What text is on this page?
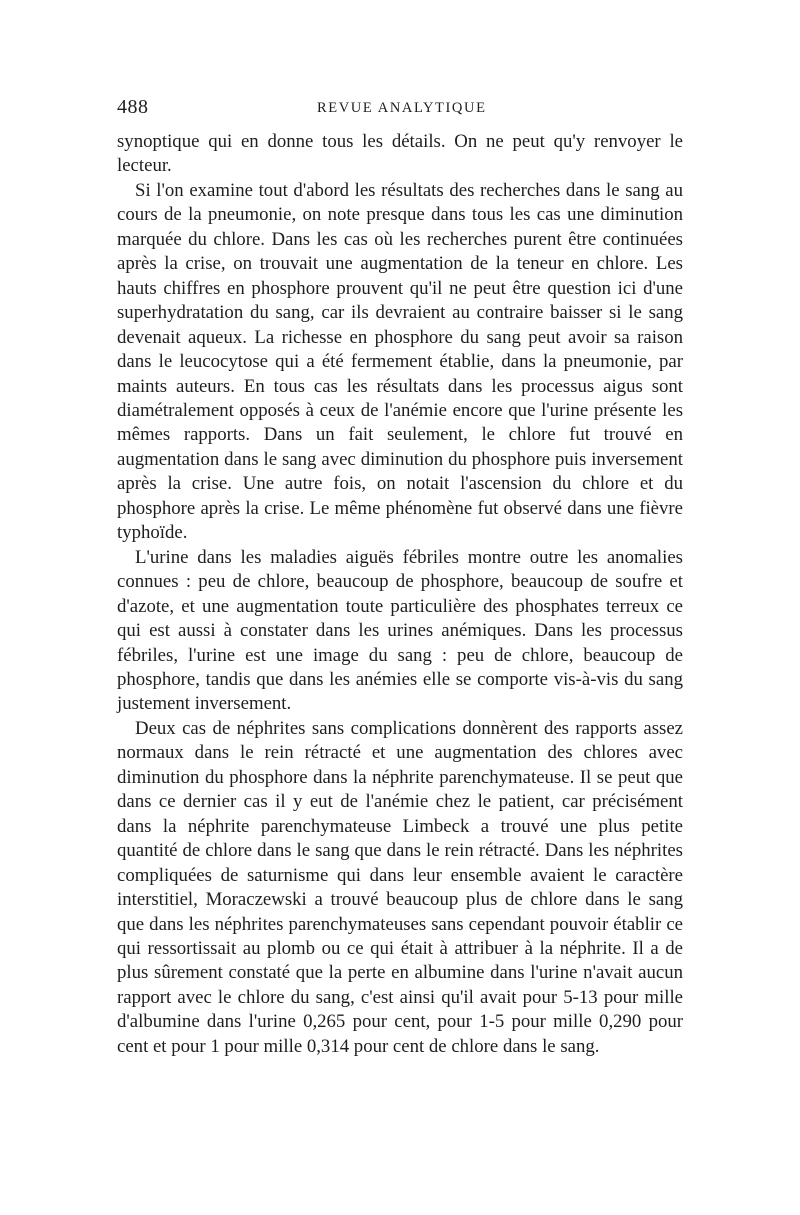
488	REVUE ANALYTIQUE

synoptique qui en donne tous les détails. On ne peut qu'y renvoyer le lecteur.

Si l'on examine tout d'abord les résultats des recherches dans le sang au cours de la pneumonie, on note presque dans tous les cas une diminution marquée du chlore. Dans les cas où les recherches purent être continuées après la crise, on trouvait une augmentation de la teneur en chlore. Les hauts chiffres en phosphore prouvent qu'il ne peut être question ici d'une superhydratation du sang, car ils devraient au contraire baisser si le sang devenait aqueux. La richesse en phosphore du sang peut avoir sa raison dans le leucocytose qui a été fermement établie, dans la pneumonie, par maints auteurs. En tous cas les résultats dans les processus aigus sont diamétralement opposés à ceux de l'anémie encore que l'urine présente les mêmes rapports. Dans un fait seulement, le chlore fut trouvé en augmentation dans le sang avec diminution du phosphore puis inversement après la crise. Une autre fois, on notait l'ascension du chlore et du phosphore après la crise. Le même phénomène fut observé dans une fièvre typhoïde.

L'urine dans les maladies aiguës fébriles montre outre les anomalies connues : peu de chlore, beaucoup de phosphore, beaucoup de soufre et d'azote, et une augmentation toute particulière des phosphates terreux ce qui est aussi à constater dans les urines anémiques. Dans les processus fébriles, l'urine est une image du sang : peu de chlore, beaucoup de phosphore, tandis que dans les anémies elle se comporte vis-à-vis du sang justement inversement.

Deux cas de néphrites sans complications donnèrent des rapports assez normaux dans le rein rétracté et une augmentation des chlores avec diminution du phosphore dans la néphrite parenchymateuse. Il se peut que dans ce dernier cas il y eut de l'anémie chez le patient, car précisément dans la néphrite parenchymateuse Limbeck a trouvé une plus petite quantité de chlore dans le sang que dans le rein rétracté. Dans les néphrites compliquées de saturnisme qui dans leur ensemble avaient le caractère interstitiel, Moraczewski a trouvé beaucoup plus de chlore dans le sang que dans les néphrites parenchymateuses sans cependant pouvoir établir ce qui ressortissait au plomb ou ce qui était à attribuer à la néphrite. Il a de plus sûrement constaté que la perte en albumine dans l'urine n'avait aucun rapport avec le chlore du sang, c'est ainsi qu'il avait pour 5-13 pour mille d'albumine dans l'urine 0,265 pour cent, pour 1-5 pour mille 0,290 pour cent et pour 1 pour mille 0,314 pour cent de chlore dans le sang.
